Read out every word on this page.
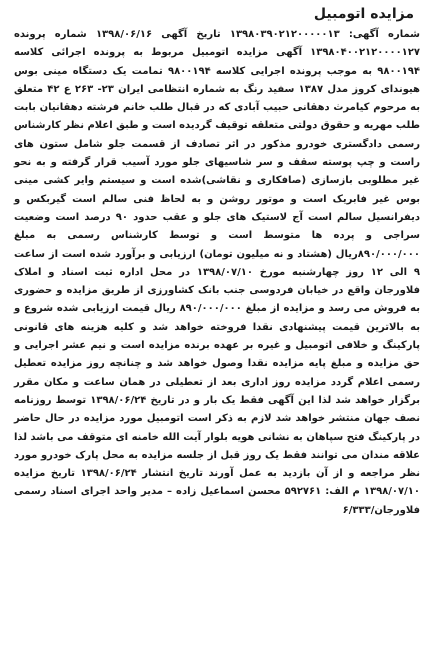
مزایده اتومبیل

شماره آگهی: ۱۳۹۸۰۳۹۰۲۱۲۰۰۰۰۰۱۳ تاریخ آگهی ۱۳۹۸/۰۶/۱۶ شماره پرونده ۱۳۹۸۰۴۰۰۲۱۲۰۰۰۰۱۲۷ آگهی مزایده اتومبیل مربوط به پرونده اجرائی کلاسه ۹۸۰۰۱۹۴ به موجب پرونده اجرایی کلاسه ۹۸۰۰۱۹۴ تمامت یک دستگاه مینی بوس هیوندای کروز مدل ۱۳۸۷ سفید رنگ به شماره انتظامی ایران ۲۳- ۲۶۳ ع ۴۲ متعلق به مرحوم کیامرث دهقانی حبیب آبادی که در قبال طلب خانم فرشته دهقانیان بابت طلب مهریه و حقوق دولتی متعلقه توقیف گردیده است و طبق اعلام نظر کارشناس رسمی دادگستری خودرو مذکور در اثر تصادف از قسمت جلو شامل ستون های راست و چپ پوسته سقف و سر شاسیهای جلو مورد آسیب قرار گرفته و به نحو غیر مطلوبی بازسازی (صافکاری و نقاشی)شده است و سیستم وایر کشی مینی بوس غیر فابریک است و موتور روشن و به لحاظ فنی سالم است گیربکس و دیفرانسیل سالم است آج لاستیک های جلو و عقب حدود ۹۰ درصد است وضعیت سراجی و پرده ها متوسط است و توسط کارشناس رسمی به مبلغ ۸۹۰/۰۰۰/۰۰۰ریال (هشتاد و نه میلیون تومان) ارزیابی و برآورد شده است از ساعت ۹ الی ۱۲ روز چهارشنبه مورخ ۱۳۹۸/۰۷/۱۰ در محل اداره ثبت اسناد و املاک فلاورجان واقع در خیابان فردوسی جنب بانک کشاورزی از طریق مزایده و حضوری به فروش می رسد و مزایده از مبلغ ۸۹۰/۰۰۰/۰۰۰ ریال قیمت ارزیابی شده شروع و به بالاترین قیمت پیشنهادی نقدا فروخته خواهد شد و کلیه هزینه های قانونی پارکینگ و خلافی اتومبیل و غیره بر عهده برنده مزایده است و نیم عشر اجرایی و حق مزایده و مبلغ پایه مزایده نقدا وصول خواهد شد و چنانچه روز مزایده تعطیل رسمی اعلام گردد مزایده روز اداری بعد از تعطیلی در همان ساعت و مکان مقرر برگزار خواهد شد لذا این آگهی فقط یک بار و در تاریخ ۱۳۹۸/۰۶/۲۴ توسط روزنامه نصف جهان منتشر خواهد شد لازم به ذکر است اتومبیل مورد مزایده در حال حاضر در پارکینگ فتح سپاهان به نشانی هویه بلوار آیت الله خامنه ای متوقف می باشد لذا علاقه مندان می توانند فقط یک روز قبل از جلسه مزایده به محل پارک خودرو مورد نظر مراجعه و از آن بازدید به عمل آورند تاریخ انتشار ۱۳۹۸/۰۶/۲۴ تاریخ مزایده ۱۳۹۸/۰۷/۱۰ م الف: ۵۹۲۷۶۱ محسن اسماعیل زاده – مدیر واحد اجرای اسناد رسمی فلاورجان/۶/۳۳۳
